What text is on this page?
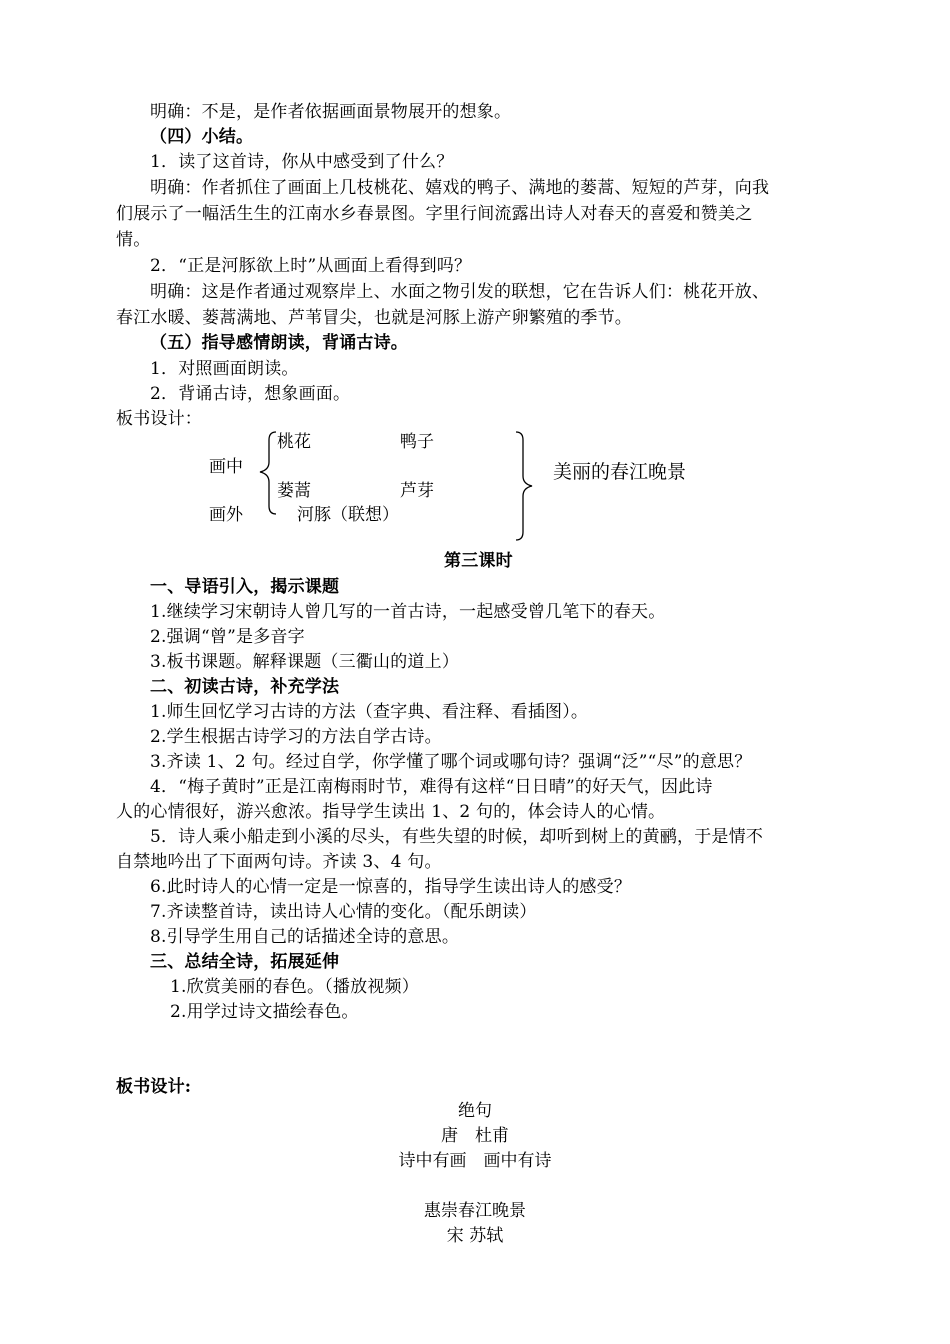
明确：不是，是作者依据画面景物展开的想象。
（四）小结。
1．读了这首诗，你从中感受到了什么？
明确：作者抓住了画面上几枝桃花、嬉戏的鸭子、满地的蒌蒿、短短的芦芽，向我
们展示了一幅活生生的江南水乡春景图。字里行间流露出诗人对春天的喜爱和赞美之
情。
2．“正是河豚欲上时”从画面上看得到吗？
明确：这是作者通过观察岸上、水面之物引发的联想，它在告诉人们：桃花开放、
春江水暖、蒌蒿满地、芦苇冒尖，也就是河豚上游产卵繁殖的季节。
（五）指导感情朗读，背诵古诗。
1．对照画面朗读。
2．背诵古诗，想象画面。
板书设计：
画中
画外
桃花	鸭子
蒌蒿	芦芽
河豚（联想）
美丽的春江晚景
第三课时
一、导语引入，揭示课题
1.继续学习宋朝诗人曾几写的一首古诗，一起感受曾几笔下的春天。
2.强调“曾”是多音字
3.板书课题。解释课题（三衢山的道上）
二、初读古诗，补充学法
1.师生回忆学习古诗的方法（查字典、看注释、看插图）。
2.学生根据古诗学习的方法自学古诗。
3.齐读 1、2 句。经过自学，你学懂了哪个词或哪句诗？强调“泛”“尽”的意思？
4．“梅子黄时”正是江南梅雨时节，难得有这样“日日晴”的好天气，因此诗
人的心情很好，游兴愈浓。指导学生读出 1、2 句的，体会诗人的心情。
5．诗人乘小船走到小溪的尽头，有些失望的时候，却听到树上的黄鹂，于是情不
自禁地吟出了下面两句诗。齐读 3、4 句。
6.此时诗人的心情一定是一惊喜的，指导学生读出诗人的感受？
7.齐读整首诗，读出诗人心情的变化。（配乐朗读）
8.引导学生用自己的话描述全诗的意思。
三、总结全诗，拓展延伸
1.欣赏美丽的春色。（播放视频）
2.用学过诗文描绘春色。
板书设计:
绝句
唐　杜甫
诗中有画　画中有诗
惠崇春江晚景
宋 苏轼
